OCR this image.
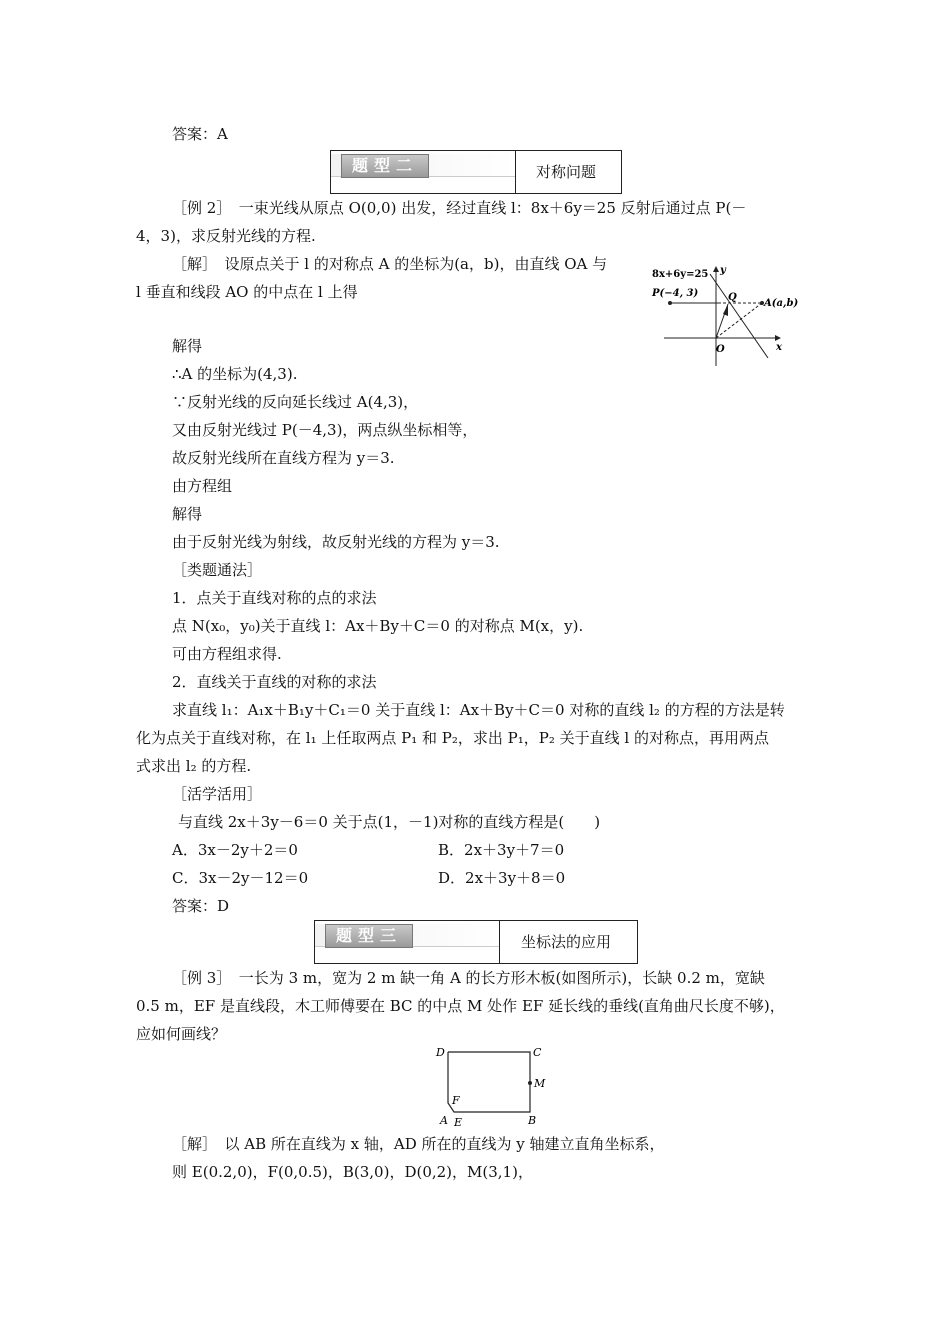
答案：A
题型二	对称问题
［例 2］　一束光线从原点 O(0,0) 出发，经过直线 l：8x＋6y＝25 反射后通过点 P(－
4，3)，求反射光线的方程.
［解］　设原点关于 l 的对称点 A 的坐标为(a，b)，由直线 OA 与
l 垂直和线段 AO 的中点在 l 上得
8x+6y=25 y
x
P(−4, 3)	Q
A(a,b)
O
解得
∴A 的坐标为(4,3).
∵反射光线的反向延长线过 A(4,3)，
又由反射光线过 P(－4,3)，两点纵坐标相等，
故反射光线所在直线方程为 y＝3.
由方程组
解得
由于反射光线为射线，故反射光线的方程为 y＝3.
［类题通法］
1．点关于直线对称的点的求法
点 N(x₀，y₀)关于直线 l：Ax＋By＋C＝0 的对称点 M(x，y).
可由方程组求得.
2．直线关于直线的对称的求法
求直线 l₁：A₁x＋B₁y＋C₁＝0 关于直线 l：Ax＋By＋C＝0 对称的直线 l₂ 的方程的方法是转
化为点关于直线对称，在 l₁ 上任取两点 P₁ 和 P₂，求出 P₁，P₂ 关于直线 l 的对称点，再用两点
式求出 l₂ 的方程.
［活学活用］
与直线 2x＋3y－6＝0 关于点(1，－1)对称的直线方程是(　　)
A．3x－2y＋2＝0	B．2x＋3y＋7＝0
C．3x－2y－12＝0	D．2x＋3y＋8＝0
答案：D
题型三	坐标法的应用
［例 3］　一长为 3 m，宽为 2 m 缺一角 A 的长方形木板(如图所示)，长缺 0.2 m，宽缺
0.5 m，EF 是直线段，木工师傅要在 BC 的中点 M 处作 EF 延长线的垂线(直角曲尺长度不够)，
应如何画线？
D	C
M
F
A E	B
［解］　以 AB 所在直线为 x 轴，AD 所在的直线为 y 轴建立直角坐标系，
则 E(0.2,0)，F(0,0.5)，B(3,0)，D(0,2)，M(3,1)，
